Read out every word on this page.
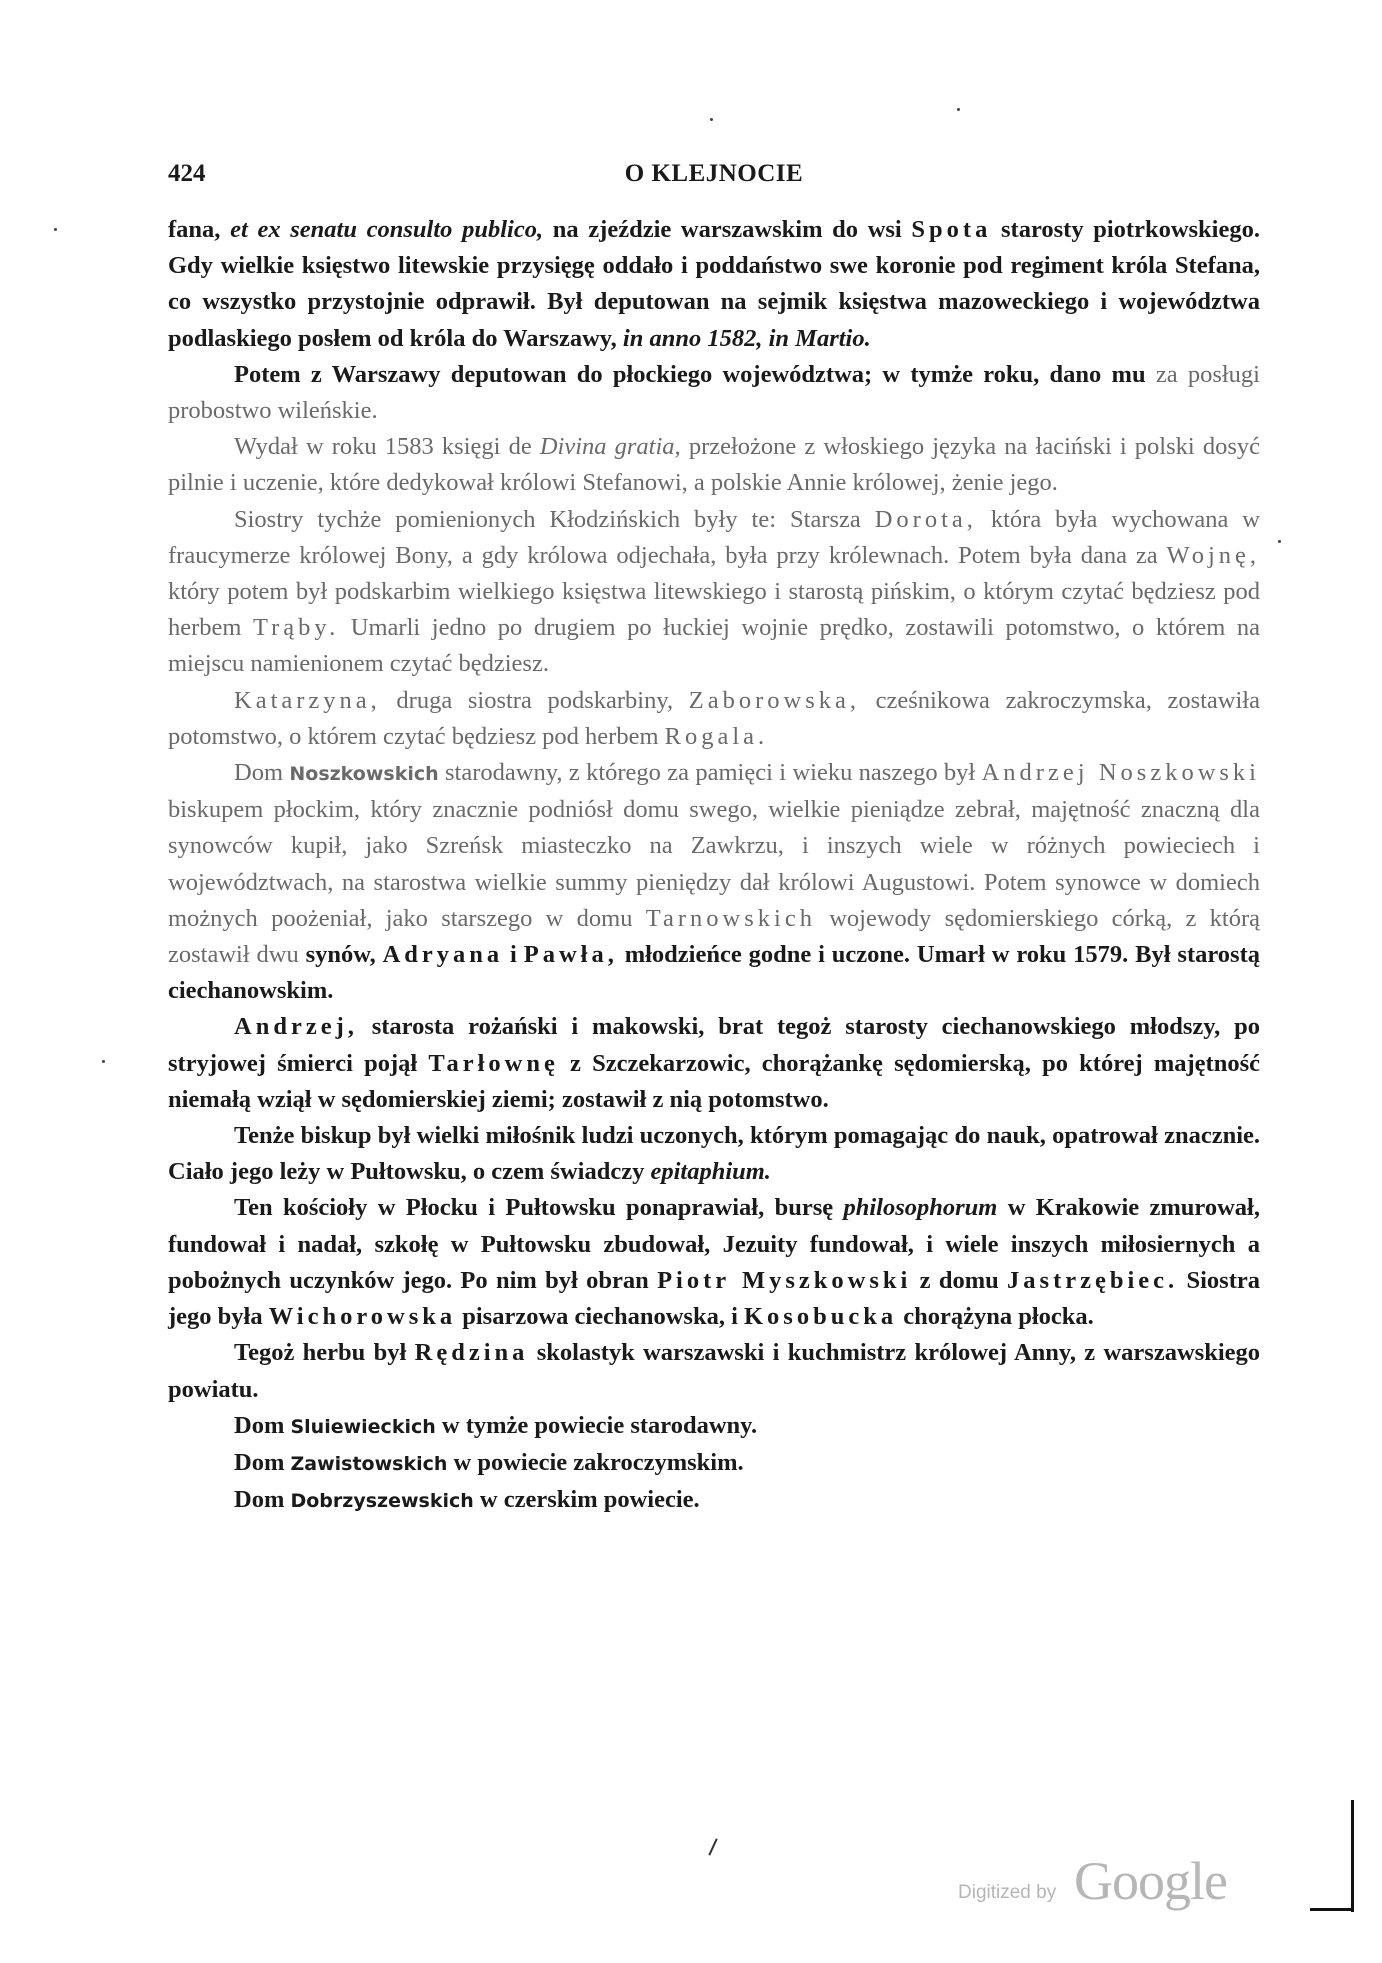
424	O KLEJNOCIE

fana, et ex senatu consulto publico, na zjeździe warszawskim do wsi Spota starosty piotrkowskiego. Gdy wielkie księstwo litewskie przysięgę oddało i poddaństwo swe koronie pod regiment króla Stefana, co wszystko przystojnie odprawił. Był deputowan na sejmik księstwa mazoweckiego i województwa podlaskiego posłem od króla do Warszawy, in anno 1582, in Martio.

Potem z Warszawy deputowan do płockiego województwa; w tymże roku, dano mu za posługi probostwo wileńskie.

Wydał w roku 1583 księgi de Divina gratia, przełożone z włoskiego języka na łaciński i polski dosyć pilnie i uczenie, które dedykował królowi Stefanowi, a polskie Annie królowej, żenie jego.

Siostry tychże pomienionych Kłodzińskich były te: Starsza Dorota, która była wychowana w fraucymerze królowej Bony, a gdy królowa odjechała, była przy królewnach. Potem była dana za Wojnę, który potem był podskarbim wielkiego księstwa litewskiego i starostą pińskim, o którym czytać będziesz pod herbem Trąby. Umarli jedno po drugiem po łuckiej wojnie prędko, zostawili potomstwo, o którem na miejscu namienionem czytać będziesz.

Katarzyna, druga siostra podskarbiny, Zaborowska, cześnikowa zakroczymska, zostawiła potomstwo, o którem czytać będziesz pod herbem Rogala.

Dom Noszkowskich starodawny, z którego za pamięci i wieku naszego był Andrzej Noszkowski biskupem płockim, który znacznie podniósł domu swego, wielkie pieniądze zebrał, majętność znaczną dla synowców kupił, jako Szreńsk miasteczko na Zawkrzu, i inszych wiele w różnych powieciech i województwach, na starostwa wielkie summy pieniędzy dał królowi Augustowi. Potem synowce w domiech możnych poożeniał, jako starszego w domu Tarnowskich wojewody sędomierskiego córką, z którą zostawił dwu synów, Adryana i Pawła, młodzieńce godne i uczone. Umarł w roku 1579. Był starostą ciechanowskim.

Andrzej, starosta rożański i makowski, brat tegoż starosty ciechanowskiego młodszy, po stryjowej śmierci pojął Tarłownę z Szczekarzowic, chorążankę sędomierską, po której majętność niemałą wziął w sędomierskiej ziemi; zostawił z nią potomstwo.

Tenże biskup był wielki miłośnik ludzi uczonych, którym pomagając do nauk, opatrował znacznie. Ciało jego leży w Pułtowsku, o czem świadczy epitaphium.

Ten kościoły w Płocku i Pułtowsku ponaprawiał, bursę philosophorum w Krakowie zmurował, fundował i nadał, szkołę w Pułtowsku zbudował, Jezuity fundował, i wiele inszych miłosiernych a pobożnych uczynków jego. Po nim był obran Piotr Myszkowski z domu Jastrzębiec. Siostra jego była Wichorowska pisarzowa ciechanowska, i Kosobucka chorążyna płocka.

Tegoż herbu był Rędzina skolastyk warszawski i kuchmistrz królowej Anny, z warszawskiego powiatu.

Dom Sluiewieckich w tymże powiecie starodawny.

Dom Zawistowskich w powiecie zakroczymskim.

Dom Dobrzyszewskich w czerskim powiecie.

Digitized by Google
